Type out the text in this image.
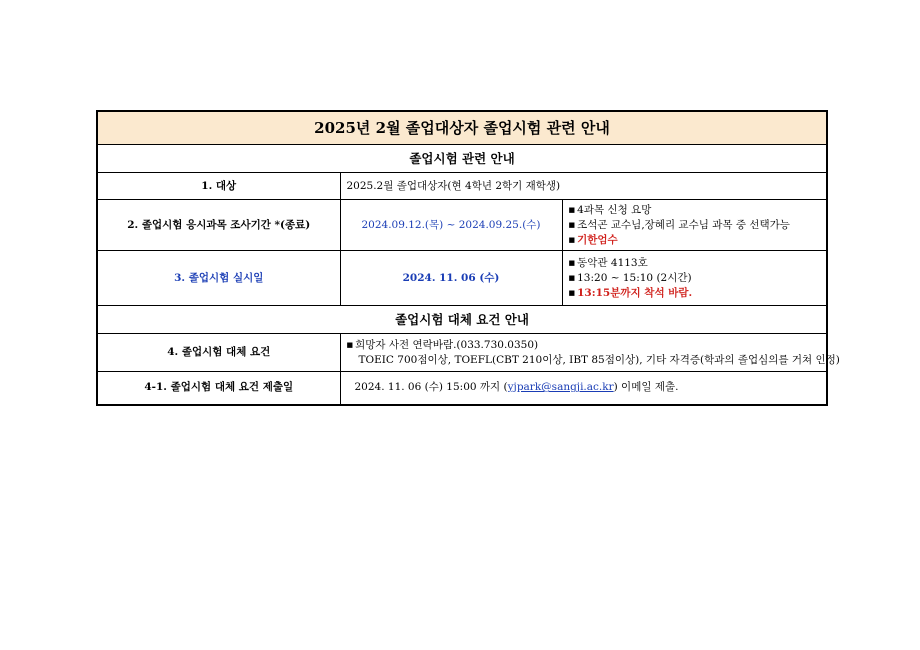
2025년 2월 졸업대상자 졸업시험 관련 안내		
졸업시험 관련 안내		
1. 대상	2025.2월 졸업대상자(현 4학년 2학기 재학생)	
2. 졸업시험 응시과목 조사기간 *(종료)	2024.09.12.(목) ~ 2024.09.25.(수)	■ 4과목 신청 요망
■ 조석곤 교수님,장혜리 교수님 과목 중 선택가능
■ 기한엄수

3. 졸업시험 실시일	2024. 11. 06 (수)	■ 동악관 4113호
■ 13:20 ~ 15:10 (2시간)
■ 13:15분까지 착석 바람.

졸업시험 대체 요건 안내		
4. 졸업시험 대체 요건	■ 희망자 사전 연락바람.(033.730.0350)
TOEIC 700점이상, TOEFL(CBT 210이상, IBT 85점이상), 기타 자격증(학과의 졸업심의를 거쳐 인정)

4-1. 졸업시험 대체 요건 제출일	2024. 11. 06 (수) 15:00 까지 (yjpark@sangji.ac.kr) 이메일 제출.	
